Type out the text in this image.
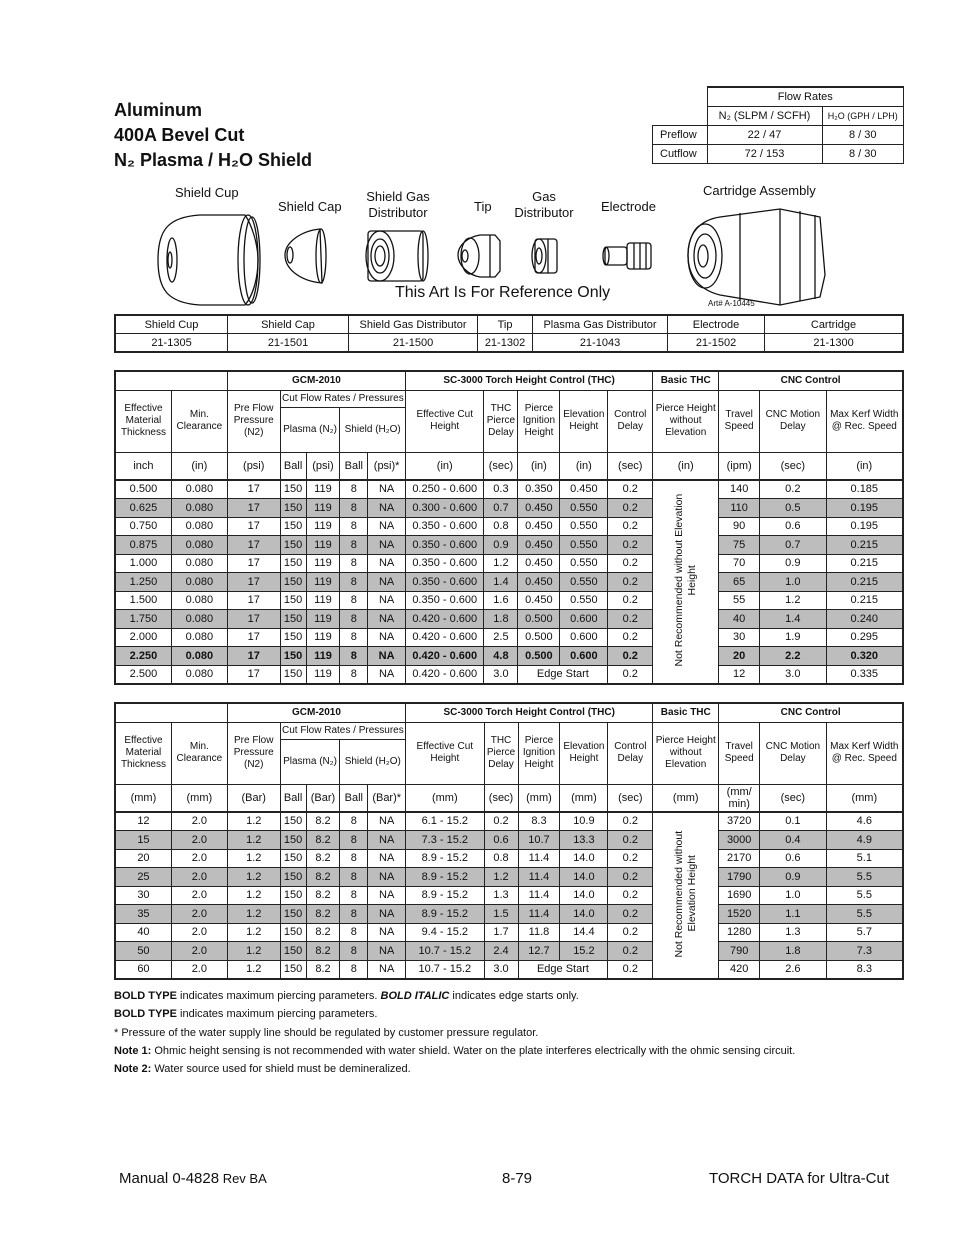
Aluminum
400A Bevel Cut
N₂ Plasma / H₂O Shield
	Flow Rates	
	N₂ (SLPM / SCFH)	H₂O (GPH / LPH)
Preflow	22 / 47	8 / 30
Cutflow	72 / 153	8 / 30
Shield Cup
Shield Cap
Shield Gas
Distributor	Tip
Gas
Distributor Electrode
Cartridge Assembly
This Art Is For Reference Only
Art# A-10445
Shield Cup	Shield Cap	Shield Gas Distributor	Tip	Plasma Gas Distributor	Electrode	Cartridge
21-1305	21-1501	21-1500	21-1302	21-1043	21-1502	21-1300
		GCM-2010					SC-3000 Torch Height Control (THC)					Basic THC	CNC Control		
Effective Material Thickness	Min. Clearance	Pre Flow Pressure (N2)	Cut Flow Rates / Pressures				Effective Cut Height	THC Pierce Delay	Pierce Ignition Height	Elevation Height	Control Delay	Pierce Height without Elevation	Travel Speed	CNC Motion Delay	Max Kerf Width @ Rec. Speed
			Plasma (N₂)		Shield (H₂O)										
inch	(in)	(psi)	Ball	(psi)	Ball	(psi)*	(in)	(sec)	(in)	(in)	(sec)	(in)	(ipm)	(sec)	(in)
0.500	0.080	17	150	119	8	NA	0.250 - 0.600	0.3	0.350	0.450	0.2	Not Recommended without Elevation Height	140	0.2	0.185
0.625	0.080	17	150	119	8	NA	0.300 - 0.600	0.7	0.450	0.550	0.2		110	0.5	0.195
0.750	0.080	17	150	119	8	NA	0.350 - 0.600	0.8	0.450	0.550	0.2		90	0.6	0.195
0.875	0.080	17	150	119	8	NA	0.350 - 0.600	0.9	0.450	0.550	0.2		75	0.7	0.215
1.000	0.080	17	150	119	8	NA	0.350 - 0.600	1.2	0.450	0.550	0.2		70	0.9	0.215
1.250	0.080	17	150	119	8	NA	0.350 - 0.600	1.4	0.450	0.550	0.2		65	1.0	0.215
1.500	0.080	17	150	119	8	NA	0.350 - 0.600	1.6	0.450	0.550	0.2		55	1.2	0.215
1.750	0.080	17	150	119	8	NA	0.420 - 0.600	1.8	0.500	0.600	0.2		40	1.4	0.240
2.000	0.080	17	150	119	8	NA	0.420 - 0.600	2.5	0.500	0.600	0.2		30	1.9	0.295
2.250	0.080	17	150	119	8	NA	0.420 - 0.600	4.8	0.500	0.600	0.2		20	2.2	0.320
2.500	0.080	17	150	119	8	NA	0.420 - 0.600	3.0	Edge Start		0.2		12	3.0	0.335
		GCM-2010					SC-3000 Torch Height Control (THC)					Basic THC	CNC Control		
Effective Material Thickness	Min. Clearance	Pre Flow Pressure (N2)	Cut Flow Rates / Pressures				Effective Cut Height	THC Pierce Delay	Pierce Ignition Height	Elevation Height	Control Delay	Pierce Height without Elevation	Travel Speed	CNC Motion Delay	Max Kerf Width @ Rec. Speed
			Plasma (N₂)		Shield (H₂O)										
(mm)	(mm)	(Bar)	Ball	(Bar)	Ball	(Bar)*	(mm)	(sec)	(mm)	(mm)	(sec)	(mm)	(mm/ min)	(sec)	(mm)
12	2.0	1.2	150	8.2	8	NA	6.1 - 15.2	0.2	8.3	10.9	0.2	Not Recommended without Elevation Height	3720	0.1	4.6
15	2.0	1.2	150	8.2	8	NA	7.3 - 15.2	0.6	10.7	13.3	0.2		3000	0.4	4.9
20	2.0	1.2	150	8.2	8	NA	8.9 - 15.2	0.8	11.4	14.0	0.2		2170	0.6	5.1
25	2.0	1.2	150	8.2	8	NA	8.9 - 15.2	1.2	11.4	14.0	0.2		1790	0.9	5.5
30	2.0	1.2	150	8.2	8	NA	8.9 - 15.2	1.3	11.4	14.0	0.2		1690	1.0	5.5
35	2.0	1.2	150	8.2	8	NA	8.9 - 15.2	1.5	11.4	14.0	0.2		1520	1.1	5.5
40	2.0	1.2	150	8.2	8	NA	9.4 - 15.2	1.7	11.8	14.4	0.2		1280	1.3	5.7
50	2.0	1.2	150	8.2	8	NA	10.7 - 15.2	2.4	12.7	15.2	0.2		790	1.8	7.3
60	2.0	1.2	150	8.2	8	NA	10.7 - 15.2	3.0	Edge Start		0.2		420	2.6	8.3
BOLD TYPE indicates maximum piercing parameters. BOLD ITALIC indicates edge starts only.
BOLD TYPE indicates maximum piercing parameters.
* Pressure of the water supply line should be regulated by customer pressure regulator.
Note 1: Ohmic height sensing is not recommended with water shield. Water on the plate interferes electrically with the ohmic sensing circuit.
Note 2: Water source used for shield must be demineralized.
Manual 0-4828 Rev BA	8-79	TORCH DATA for Ultra-Cut
